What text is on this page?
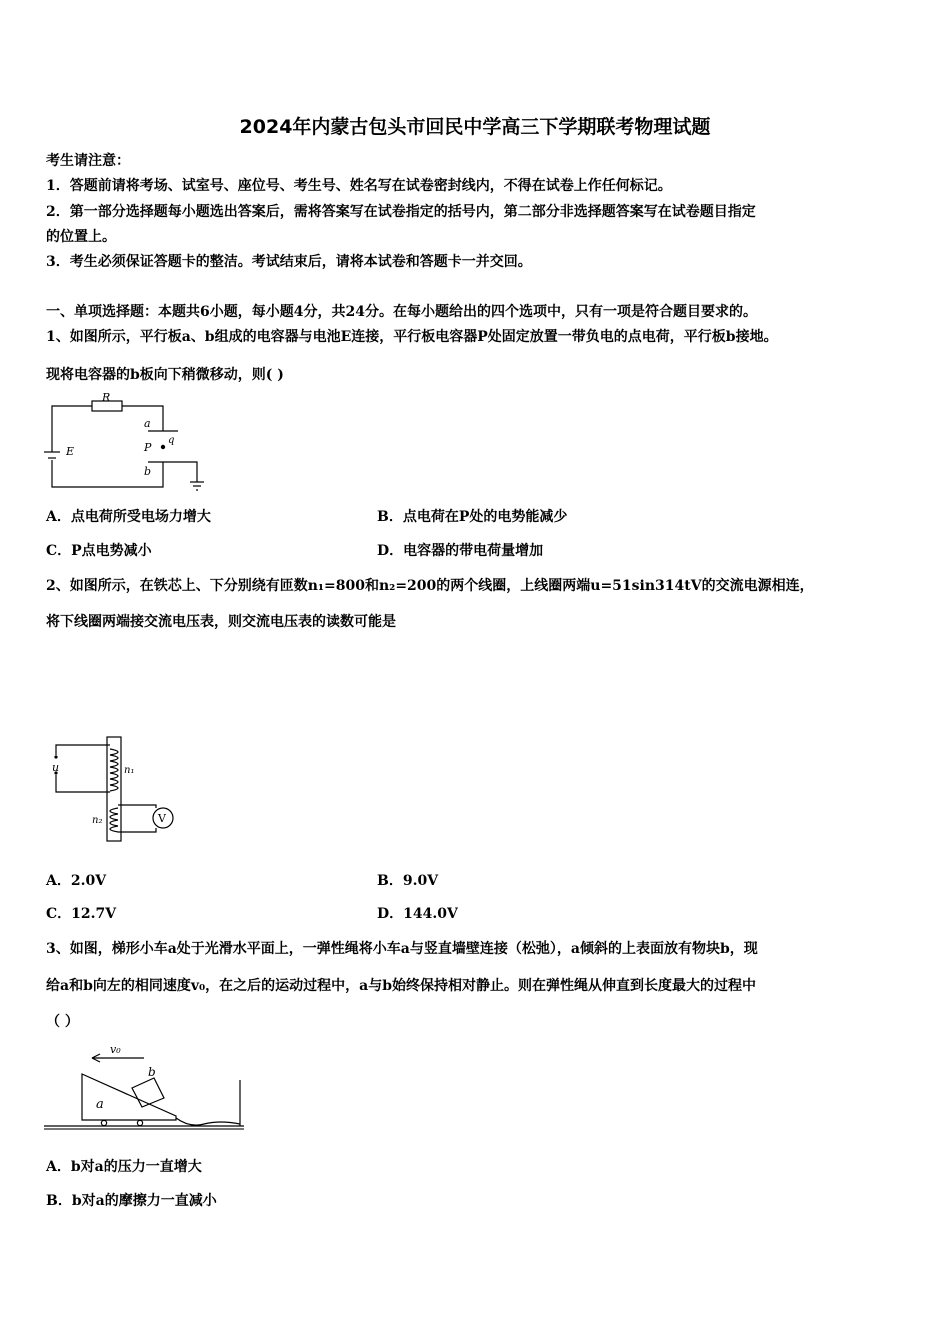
2024年内蒙古包头市回民中学高三下学期联考物理试题
考生请注意：
1．答题前请将考场、试室号、座位号、考生号、姓名写在试卷密封线内，不得在试卷上作任何标记。
2．第一部分选择题每小题选出答案后，需将答案写在试卷指定的括号内，第二部分非选择题答案写在试卷题目指定
的位置上。
3．考生必须保证答题卡的整洁。考试结束后，请将本试卷和答题卡一并交回。
一、单项选择题：本题共6小题，每小题4分，共24分。在每小题给出的四个选项中，只有一项是符合题目要求的。
1、如图所示，平行板a、b组成的电容器与电池E连接，平行板电容器P处固定放置一带负电的点电荷，平行板b接地。
现将电容器的b板向下稍微移动，则( )
R
E
a
P
q
b
A．点电荷所受电场力增大	B．点电荷在P处的电势能减少
C．P点电势减小	D．电容器的带电荷量增加
2、如图所示，在铁芯上、下分别绕有匝数n₁=800和n₂=200的两个线圈，上线圈两端u=51sin314tV的交流电源相连，
将下线圈两端接交流电压表，则交流电压表的读数可能是
u	n₁
n₂	V
A．2.0V	B．9.0V
C．12.7V	D．144.0V
3、如图，梯形小车a处于光滑水平面上，一弹性绳将小车a与竖直墙壁连接（松弛），a倾斜的上表面放有物块b，现
给a和b向左的相同速度v₀，在之后的运动过程中，a与b始终保持相对静止。则在弹性绳从伸直到长度最大的过程中
（ ）
v₀
a
b
A．b对a的压力一直增大
B．b对a的摩擦力一直减小
